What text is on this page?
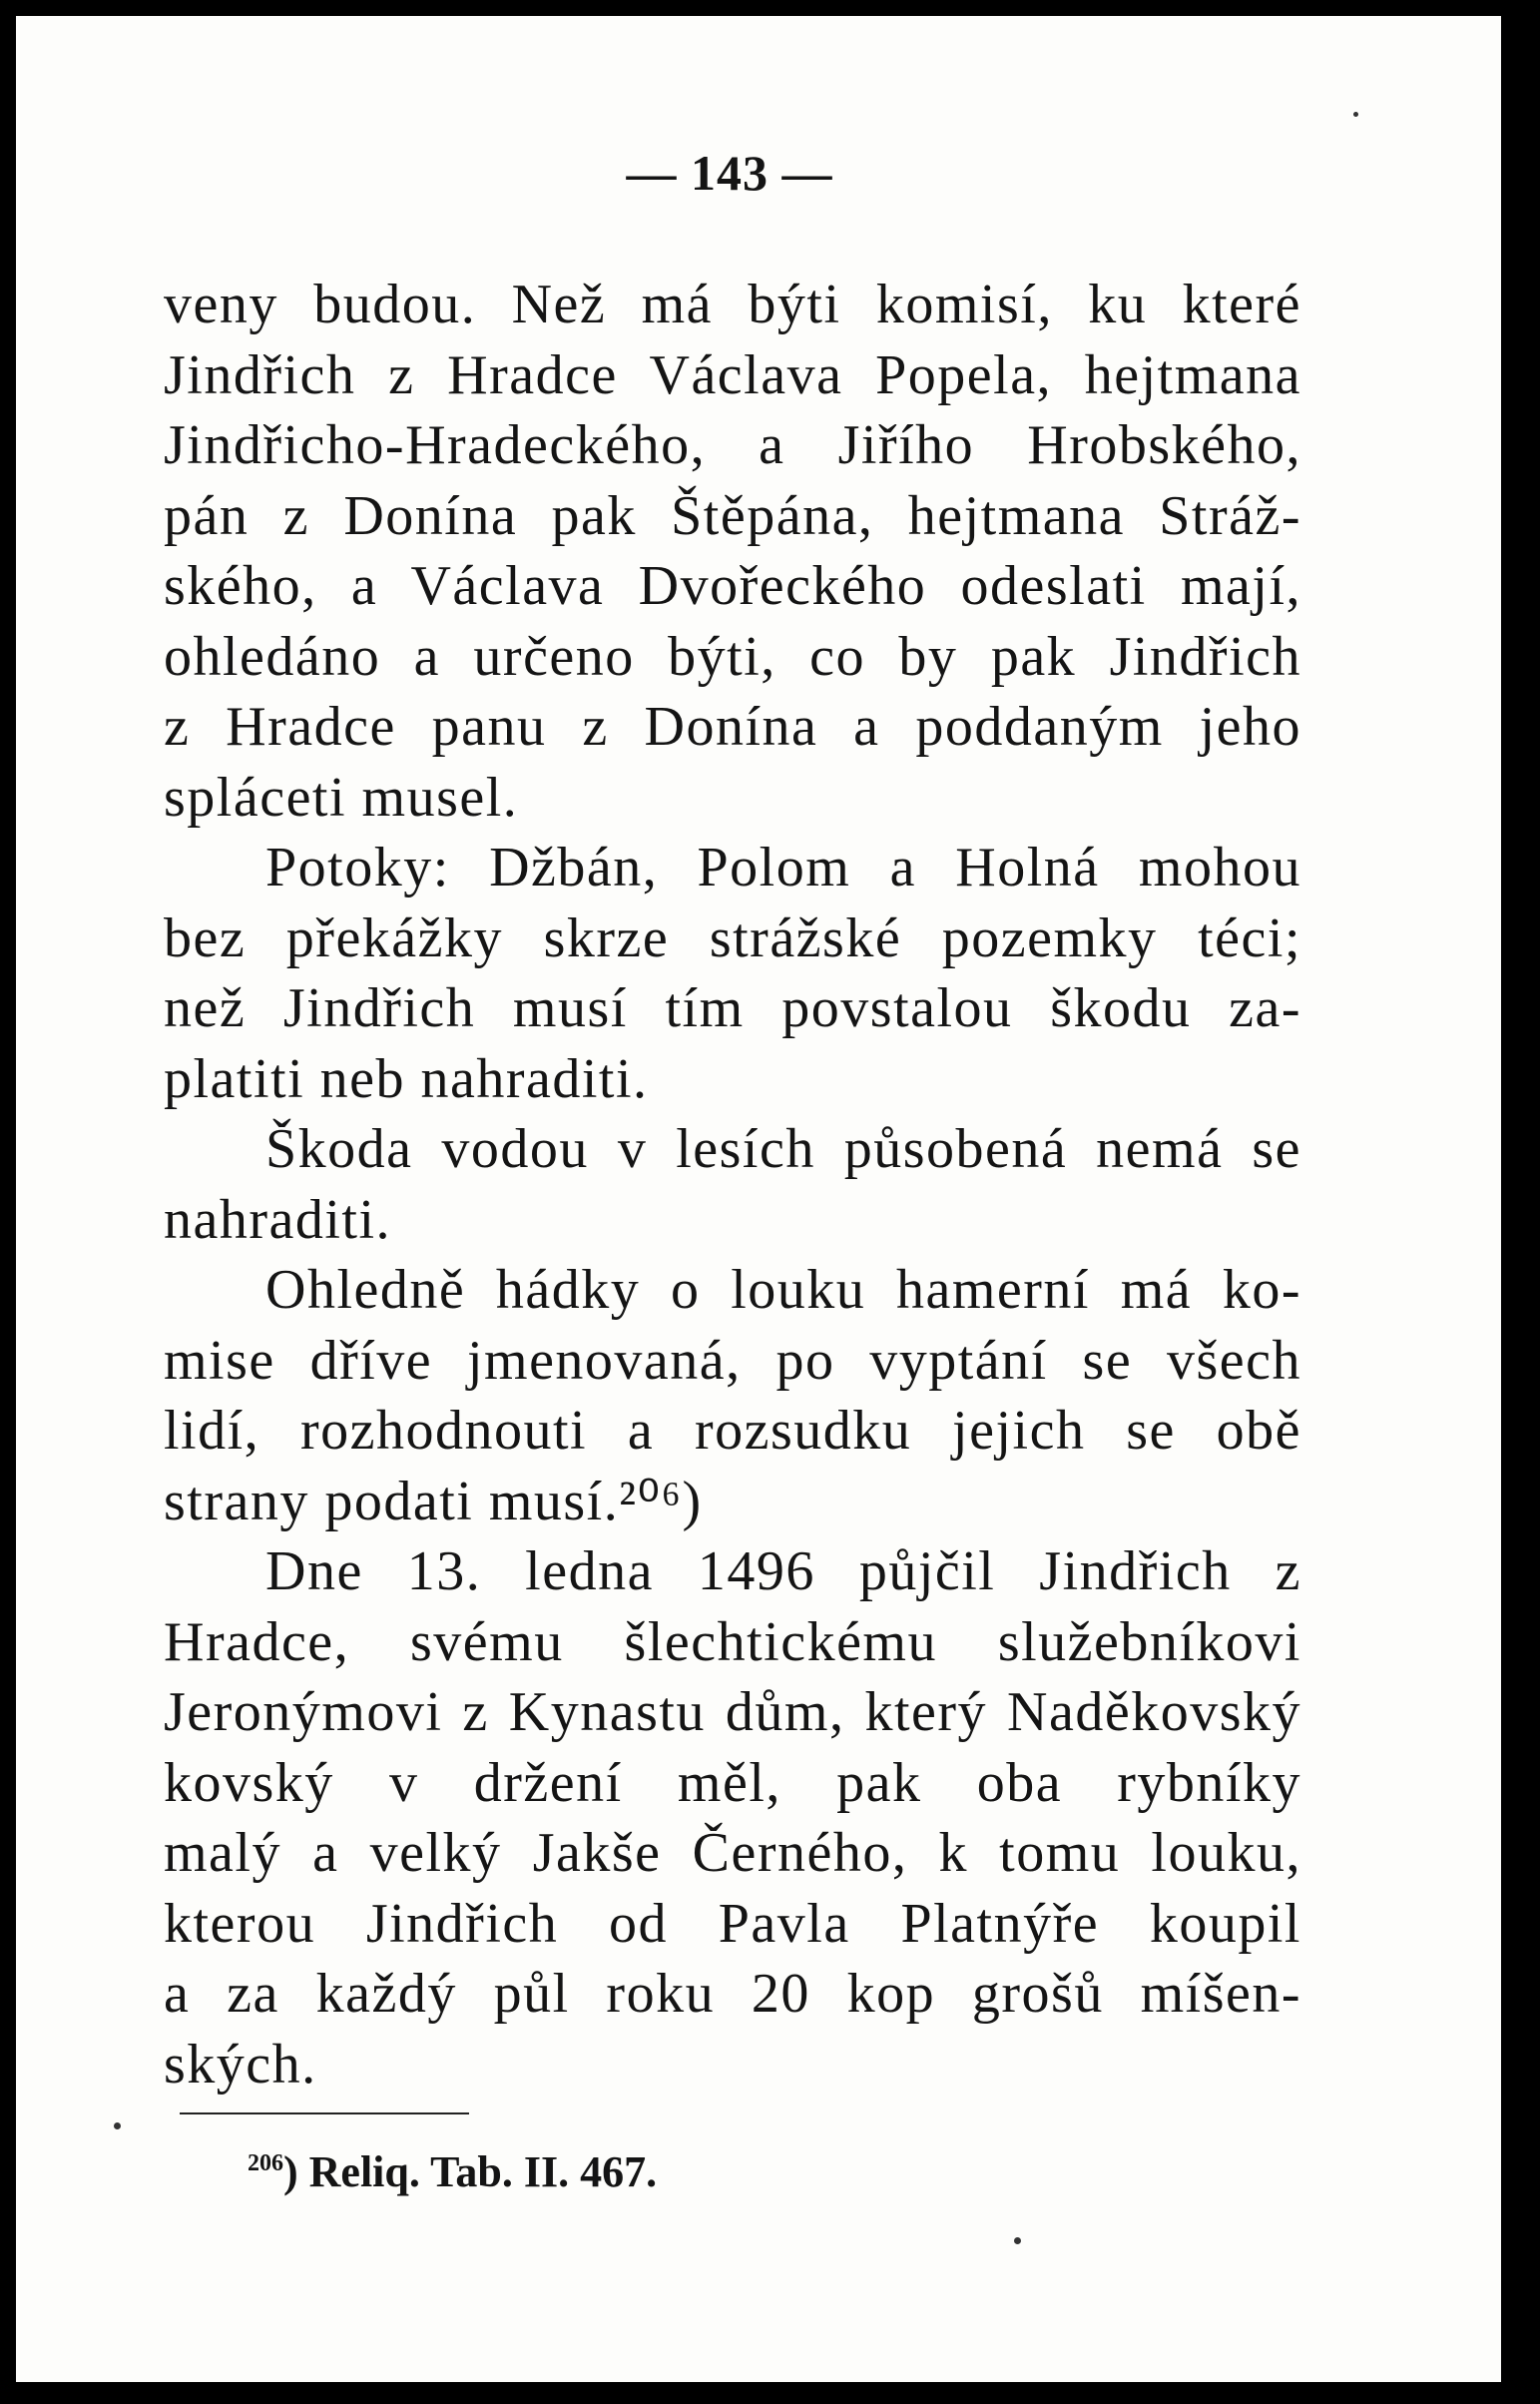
— 143 —
veny budou. Než má býti komisí, ku které
Jindřich z Hradce Václava Popela, hejtmana
Jindřicho-Hradeckého, a Jiřího Hrobského,
pán z Donína pak Štěpána, hejtmana Stráž-
ského, a Václava Dvořeckého odeslati mají,
ohledáno a určeno býti, co by pak Jindřich
z Hradce panu z Donína a poddaným jeho
spláceti musel.
Potoky: Džbán, Polom a Holná mohou
bez překážky skrze strážské pozemky téci;
než Jindřich musí tím povstalou škodu za-
platiti neb nahraditi.
Škoda vodou v lesích působená nemá se
nahraditi.
Ohledně hádky o louku hamerní má ko-
mise dříve jmenovaná, po vyptání se všech
lidí, rozhodnouti a rozsudku jejich se obě
strany podati musí.²⁰⁶)
Dne 13. ledna 1496 půjčil Jindřich z
Hradce, svému šlechtickému služebníkovi
Jeronýmovi z Kynastu dům, který Naděkovský
kovský v držení měl, pak oba rybníky
malý a velký Jakše Černého, k tomu louku,
kterou Jindřich od Pavla Platnýře koupil
a za každý půl roku 20 kop grošů míšen-
ských.
$^{206}$) Reliq. Tab. II. 467.
